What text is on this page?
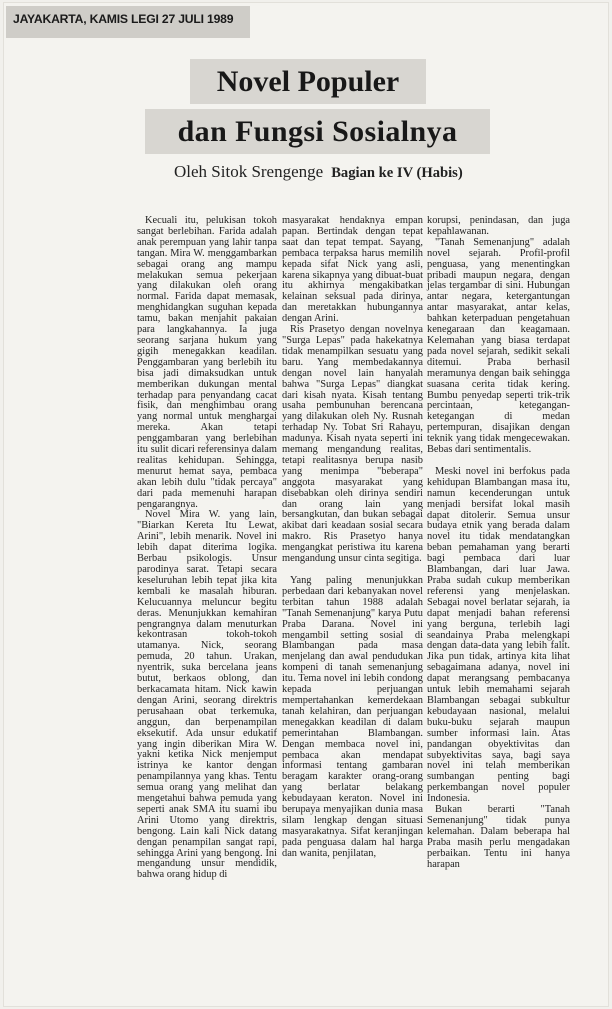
JAYAKARTA, KAMIS LEGI 27 JULI 1989
Novel Populer
dan Fungsi Sosialnya
Oleh Sitok Srengenge Bagian ke IV (Habis)

Kecuali itu, pelukisan tokoh sangat berlebihan. Farida adalah anak perempuan yang lahir tanpa tangan. Mira W. menggambarkan sebagai orang ang mampu melakukan semua pekerjaan yang dilakukan oleh orang normal. Farida dapat memasak, menghidangkan suguhan kepada tamu, bakan menjahit pakaian para langkahannya. Ia juga seorang sarjana hukum yang gigih menegakkan keadilan. Penggambaran yang berlebih itu bisa jadi dimaksudkan untuk memberikan dukungan mental terhadap para penyandang cacat fisik, dan menghimbau orang yang normal untuk menghargai mereka. Akan tetapi penggambaran yang berlebihan itu sulit dicari referensinya dalam realitas kehidupan. Sehingga, menurut hemat saya, pembaca akan lebih dulu "tidak percaya" dari pada memenuhi harapan pengarangnya.

Novel Mira W. yang lain, "Biarkan Kereta Itu Lewat, Arini", lebih menarik. Novel ini lebih dapat diterima logika. Berbau psikologis. Unsur parodinya sarat. Tetapi secara keseluruhan lebih tepat jika kita kembali ke masalah hiburan. Kelucuannya meluncur begitu deras. Menunjukkan kemahiran pengrangnya dalam menuturkan kekontrasan tokoh-tokoh utamanya. Nick, seorang pemuda, 20 tahun. Urakan, nyentrik, suka bercelana jeans butut, berkaos oblong, dan berkacamata hitam. Nick kawin dengan Arini, seorang direktris perusahaan obat terkemuka, anggun, dan berpenampilan eksekutif. Ada unsur edukatif yang ingin diberikan Mira W. yakni ketika Nick menjemput istrinya ke kantor dengan penampilannya yang khas. Tentu semua orang yang melihat dan mengetahui bahwa pemuda yang seperti anak SMA itu suami ibu Arini Utomo yang direktris, bengong. Lain kali Nick datang dengan penampilan sangat rapi, sehingga Arini yang bengong. Ini mengandung unsur mendidik, bahwa orang hidup di

masyarakat hendaknya empan papan. Bertindak dengan tepat saat dan tepat tempat. Sayang, pembaca terpaksa harus memilih kepada sifat Nick yang asli, karena sikapnya yang dibuat-buat itu akhirnya mengakibatkan kelainan seksual pada dirinya, dan meretakkan hubungannya dengan Arini.

Ris Prasetyo dengan novelnya "Surga Lepas" pada hakekatnya tidak menampilkan sesuatu yang baru. Yang membedakannya dengan novel lain hanyalah bahwa "Surga Lepas" diangkat dari kisah nyata. Kisah tentang usaha pembunuhan berencana yang dilakukan oleh Ny. Rusnah terhadap Ny. Tobat Sri Rahayu, madunya. Kisah nyata seperti ini memang mengandung realitas, tetapi realitasnya berupa nasib yang menimpa "beberapa" anggota masyarakat yang disebabkan oleh dirinya sendiri dan orang lain yang bersangkutan, dan bukan sebagai akibat dari keadaan sosial secara makro. Ris Prasetyo hanya mengangkat peristiwa itu karena mengandung unsur cinta segitiga.

Yang paling menunjukkan perbedaan dari kebanyakan novel terbitan tahun 1988 adalah "Tanah Semenanjung" karya Putu Praba Darana. Novel ini mengambil setting sosial di Blambangan pada masa menjelang dan awal pendudukan kompeni di tanah semenanjung itu. Tema novel ini lebih condong kepada perjuangan mempertahankan kemerdekaan tanah kelahiran, dan perjuangan menegakkan keadilan di dalam pemerintahan Blambangan. Dengan membaca novel ini, pembaca akan mendapat informasi tentang gambaran beragam karakter orang-orang yang berlatar belakang kebudayaan keraton. Novel ini berupaya menyajikan dunia masa silam lengkap dengan situasi masyarakatnya. Sifat keranjingan pada penguasa dalam hal harga dan wanita, penjilatan,

korupsi, penindasan, dan juga kepahlawanan.

"Tanah Semenanjung" adalah novel sejarah. Profil-profil penguasa, yang menentingkan pribadi maupun negara, dengan jelas tergambar di sini. Hubungan antar negara, ketergantungan antar masyarakat, antar kelas, bahkan keterpaduan pengetahuan kenegaraan dan keagamaan. Kelemahan yang biasa terdapat pada novel sejarah, sedikit sekali ditemui. Praba berhasil meramunya dengan baik sehingga suasana cerita tidak kering. Bumbu penyedap seperti trik-trik percintaan, ketegangan-ketegangan di medan pertempuran, disajikan dengan teknik yang tidak mengecewakan. Bebas dari sentimentalis.

Meski novel ini berfokus pada kehidupan Blambangan masa itu, namun kecenderungan untuk menjadi bersifat lokal masih dapat ditolerir. Semua unsur budaya etnik yang berada dalam novel itu tidak mendatangkan beban pemahaman yang berarti bagi pembaca dari luar Blambangan, dari luar Jawa. Praba sudah cukup memberikan referensi yang menjelaskan. Sebagai novel berlatar sejarah, ia dapat menjadi bahan referensi yang berguna, terlebih lagi seandainya Praba melengkapi dengan data-data yang lebih falit. Jika pun tidak, artinya kita lihat sebagaimana adanya, novel ini dapat merangsang pembacanya untuk lebih memahami sejarah Blambangan sebagai subkultur kebudayaan nasional, melalui buku-buku sejarah maupun sumber informasi lain. Atas pandangan obyektivitas dan subyektivitas saya, bagi saya novel ini telah memberikan sumbangan penting bagi perkembangan novel populer Indonesia.

Bukan berarti "Tanah Semenanjung" tidak punya kelemahan. Dalam beberapa hal Praba masih perlu mengadakan perbaikan. Tentu ini hanya harapan
